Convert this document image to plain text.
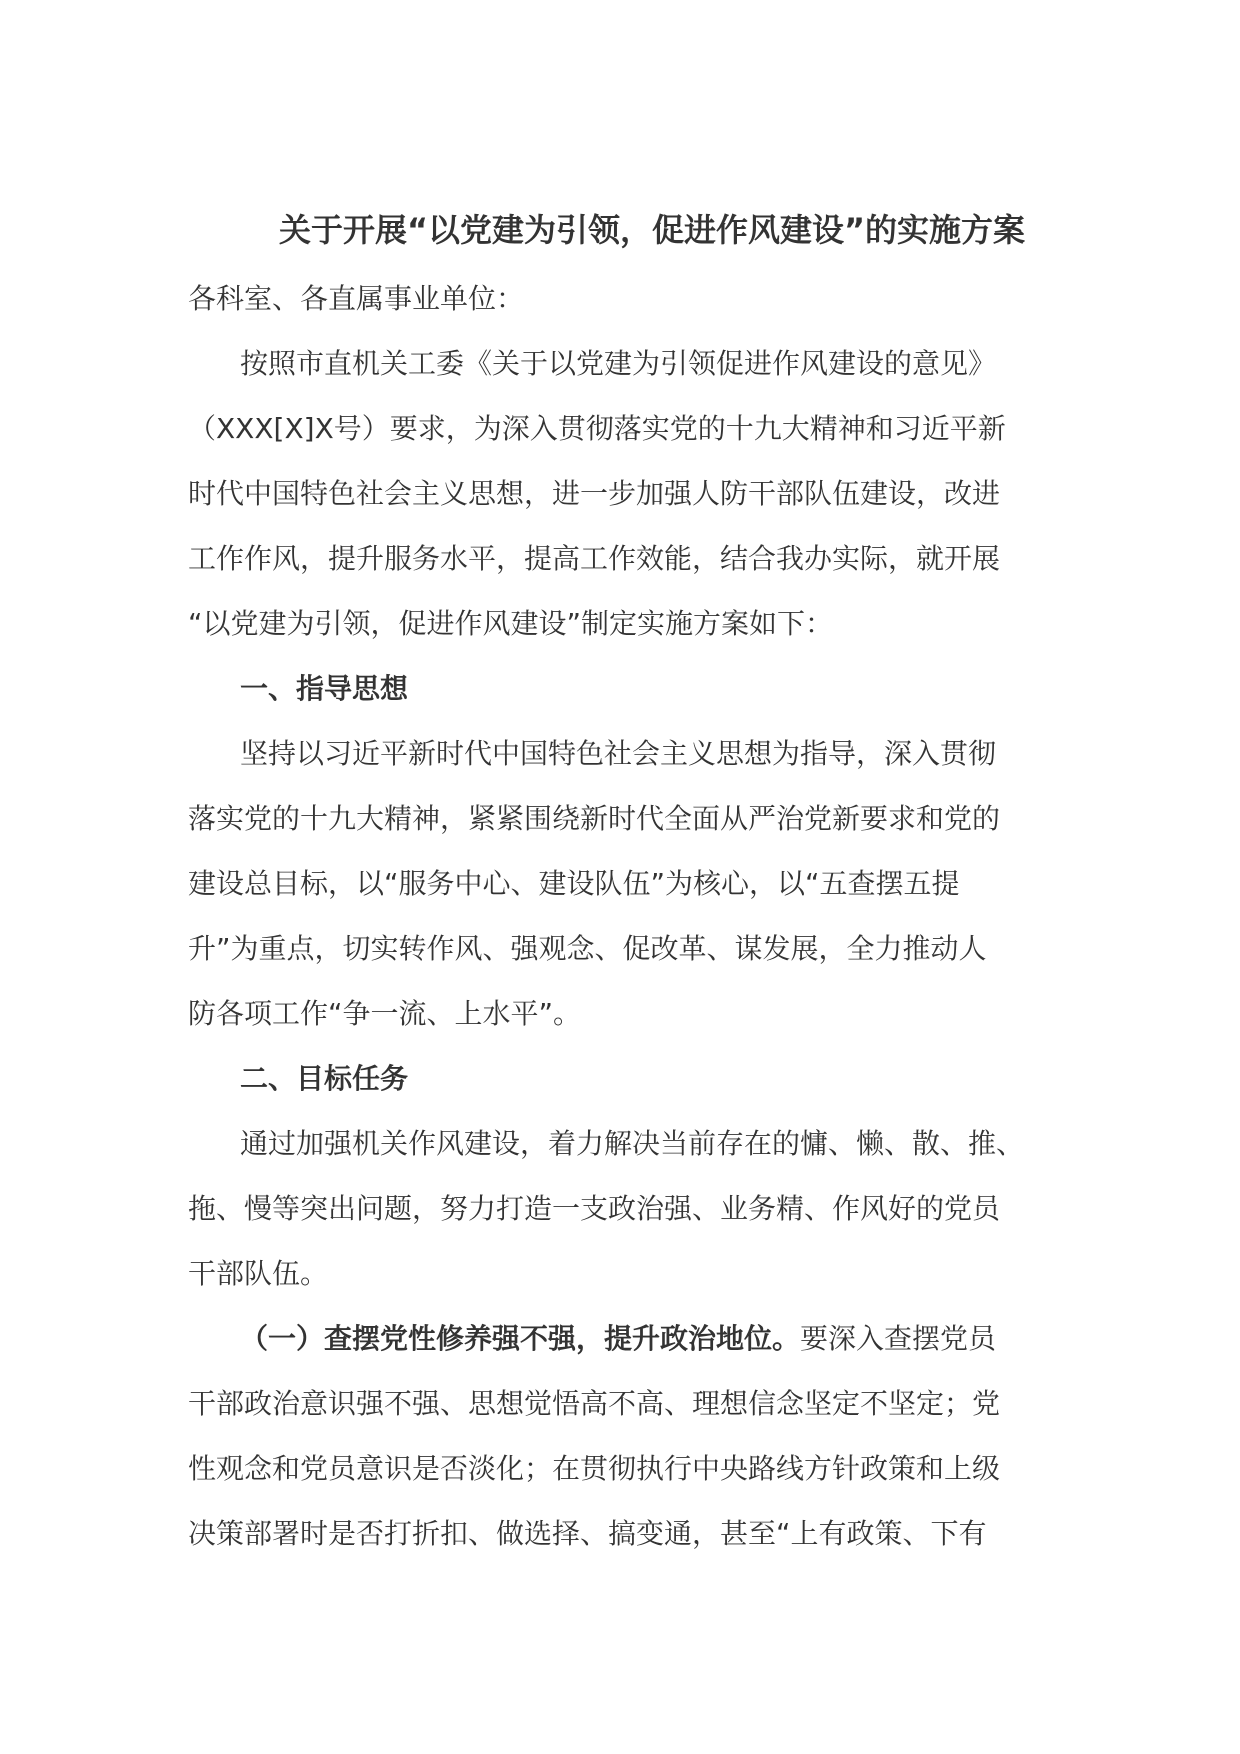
关于开展“以党建为引领，促进作风建设”的实施方案

各科室、各直属事业单位：

按照市直机关工委《关于以党建为引领促进作风建设的意见》
（XXX[X]X号）要求，为深入贯彻落实党的十九大精神和习近平新
时代中国特色社会主义思想，进一步加强人防干部队伍建设，改进
工作作风，提升服务水平，提高工作效能，结合我办实际，就开展
“以党建为引领，促进作风建设”制定实施方案如下：

一、指导思想

坚持以习近平新时代中国特色社会主义思想为指导，深入贯彻
落实党的十九大精神，紧紧围绕新时代全面从严治党新要求和党的
建设总目标，以“服务中心、建设队伍”为核心，以“五查摆五提
升”为重点，切实转作风、强观念、促改革、谋发展，全力推动人
防各项工作“争一流、上水平”。

二、目标任务

通过加强机关作风建设，着力解决当前存在的慵、懒、散、推、
拖、慢等突出问题，努力打造一支政治强、业务精、作风好的党员
干部队伍。
（一）查摆党性修养强不强，提升政治地位。要深入查摆党员
干部政治意识强不强、思想觉悟高不高、理想信念坚定不坚定；党
性观念和党员意识是否淡化；在贯彻执行中央路线方针政策和上级
决策部署时是否打折扣、做选择、搞变通，甚至“上有政策、下有
